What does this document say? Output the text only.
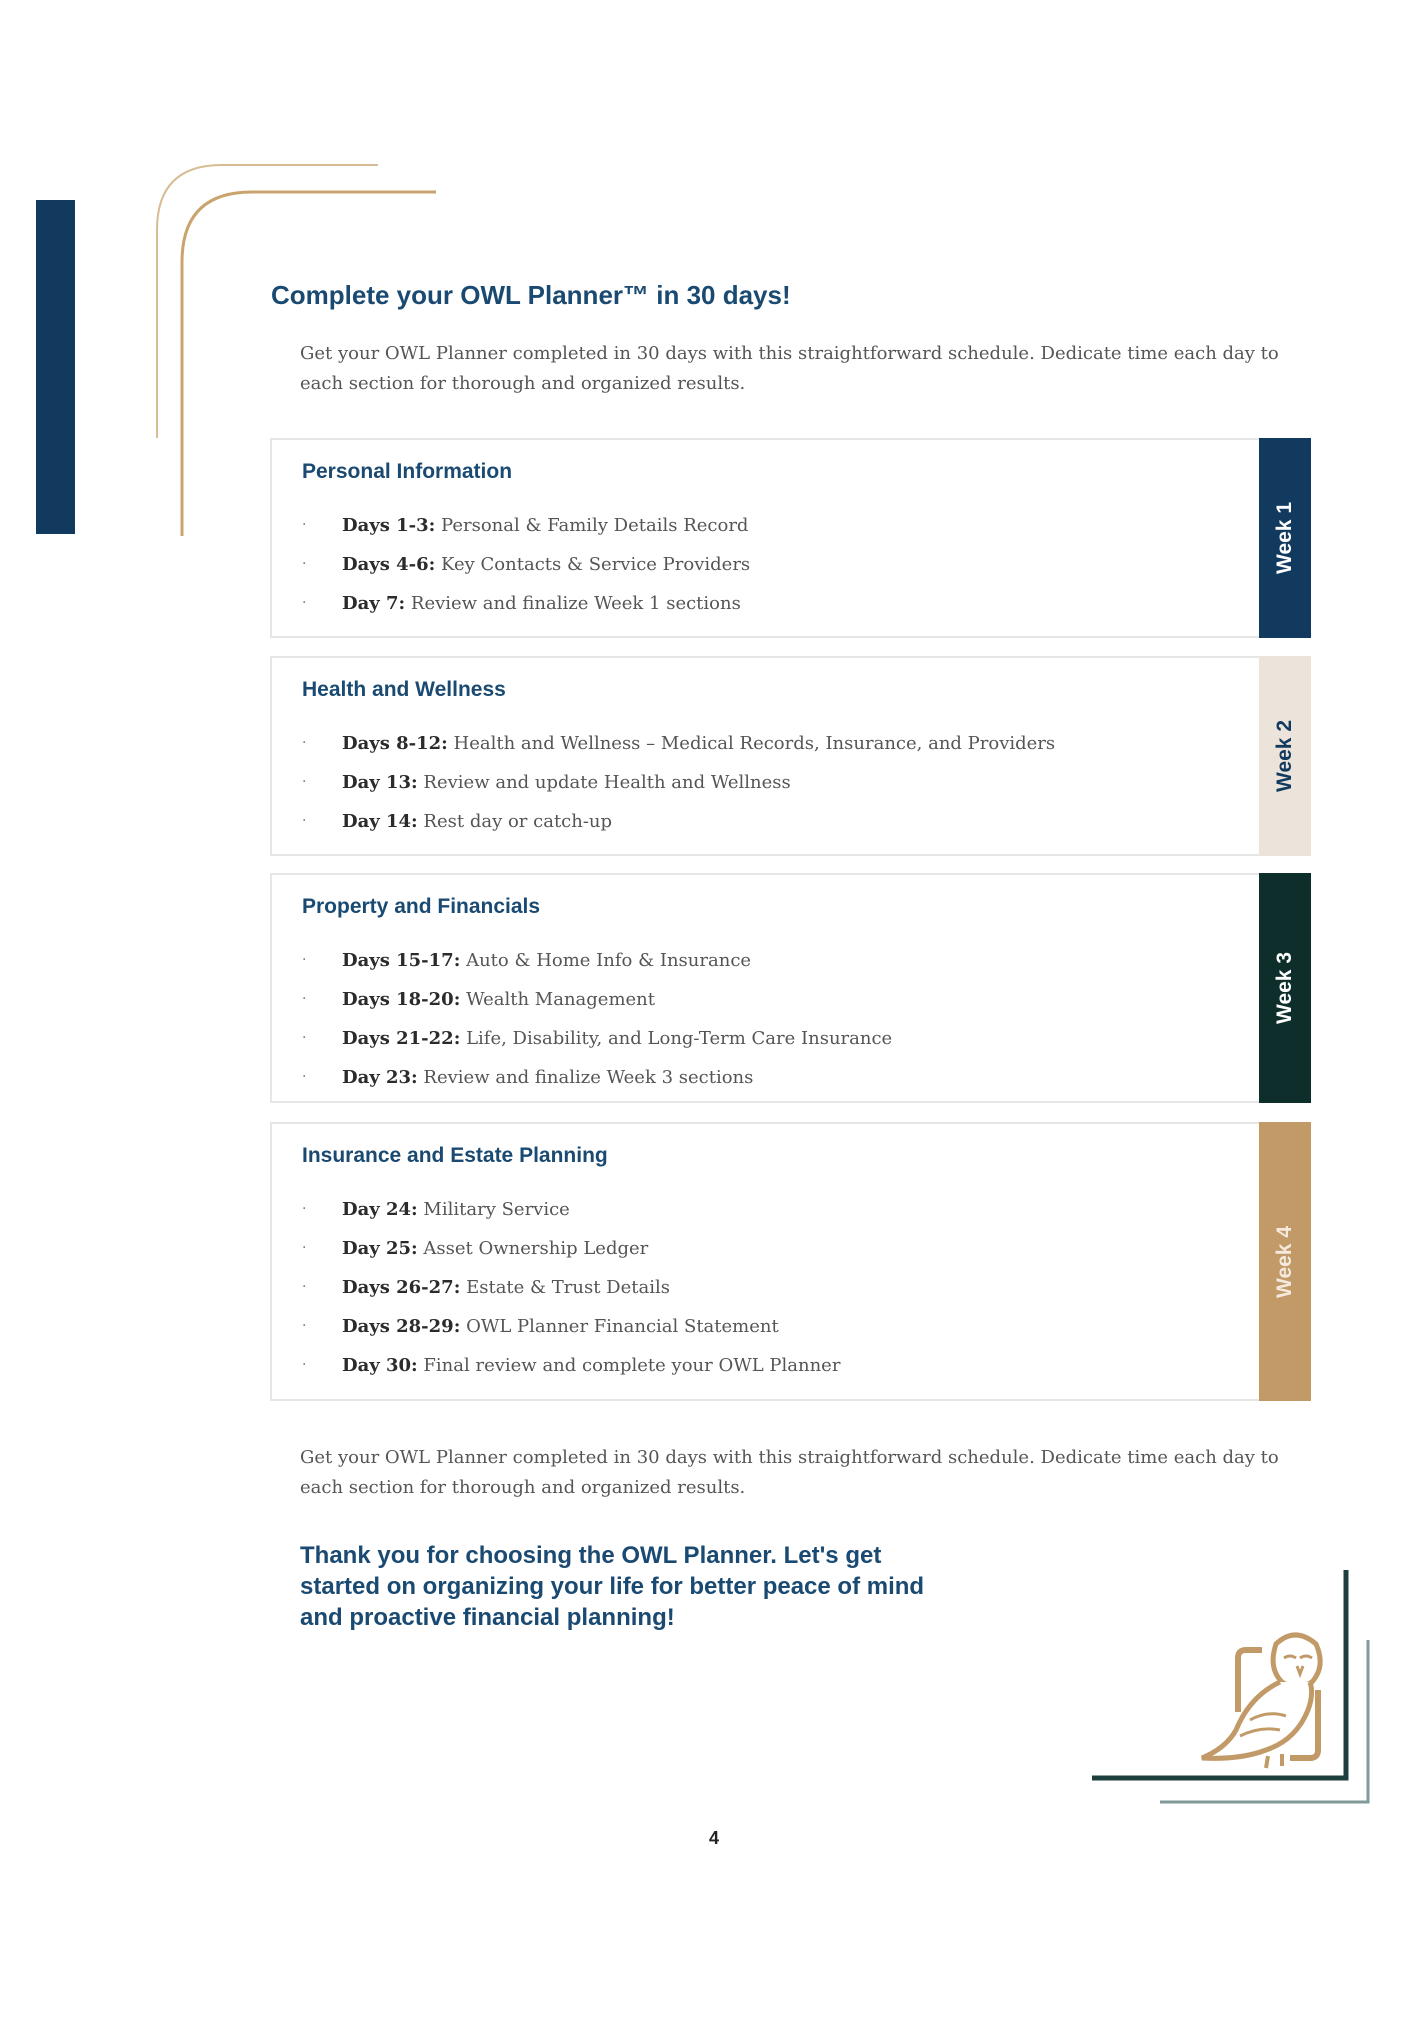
Complete your OWL Planner™ in 30 days!

Get your OWL Planner completed in 30 days with this straightforward schedule. Dedicate time each day to each section for thorough and organized results.

Personal Information
· Days 1-3: Personal & Family Details Record
· Days 4-6: Key Contacts & Service Providers
· Day 7: Review and finalize Week 1 sections
Week 1
Health and Wellness
· Days 8-12: Health and Wellness – Medical Records, Insurance, and Providers
· Day 13: Review and update Health and Wellness
· Day 14: Rest day or catch-up
Week 2
Property and Financials
· Days 15-17: Auto & Home Info & Insurance
· Days 18-20: Wealth Management
· Days 21-22: Life, Disability, and Long-Term Care Insurance
· Day 23: Review and finalize Week 3 sections
Week 3
Insurance and Estate Planning
· Day 24: Military Service
· Day 25: Asset Ownership Ledger
· Days 26-27: Estate & Trust Details
· Days 28-29: OWL Planner Financial Statement
· Day 30: Final review and complete your OWL Planner
Week 4

Get your OWL Planner completed in 30 days with this straightforward schedule. Dedicate time each day to each section for thorough and organized results.

Thank you for choosing the OWL Planner. Let's get started on organizing your life for better peace of mind and proactive financial planning!

4
